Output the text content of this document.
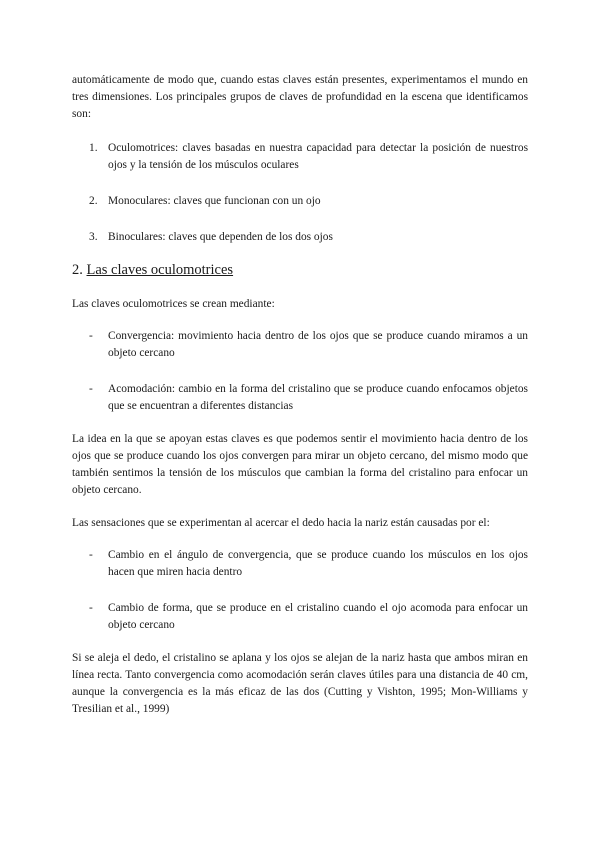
automáticamente de modo que, cuando estas claves están presentes, experimentamos el mundo en tres dimensiones. Los principales grupos de claves de profundidad en la escena que identificamos son:

1. Oculomotrices: claves basadas en nuestra capacidad para detectar la posición de nuestros ojos y la tensión de los músculos oculares
2. Monoculares: claves que funcionan con un ojo
3. Binoculares: claves que dependen de los dos ojos
2. Las claves oculomotrices

Las claves oculomotrices se crean mediante:

- Convergencia: movimiento hacia dentro de los ojos que se produce cuando miramos a un objeto cercano
- Acomodación: cambio en la forma del cristalino que se produce cuando enfocamos objetos que se encuentran a diferentes distancias

La idea en la que se apoyan estas claves es que podemos sentir el movimiento hacia dentro de los ojos que se produce cuando los ojos convergen para mirar un objeto cercano, del mismo modo que también sentimos la tensión de los músculos que cambian la forma del cristalino para enfocar un objeto cercano.

Las sensaciones que se experimentan al acercar el dedo hacia la nariz están causadas por el:

- Cambio en el ángulo de convergencia, que se produce cuando los músculos en los ojos hacen que miren hacia dentro
- Cambio de forma, que se produce en el cristalino cuando el ojo acomoda para enfocar un objeto cercano

Si se aleja el dedo, el cristalino se aplana y los ojos se alejan de la nariz hasta que ambos miran en línea recta. Tanto convergencia como acomodación serán claves útiles para una distancia de 40 cm, aunque la convergencia es la más eficaz de las dos (Cutting y Vishton, 1995; Mon-Williams y Tresilian et al., 1999)
